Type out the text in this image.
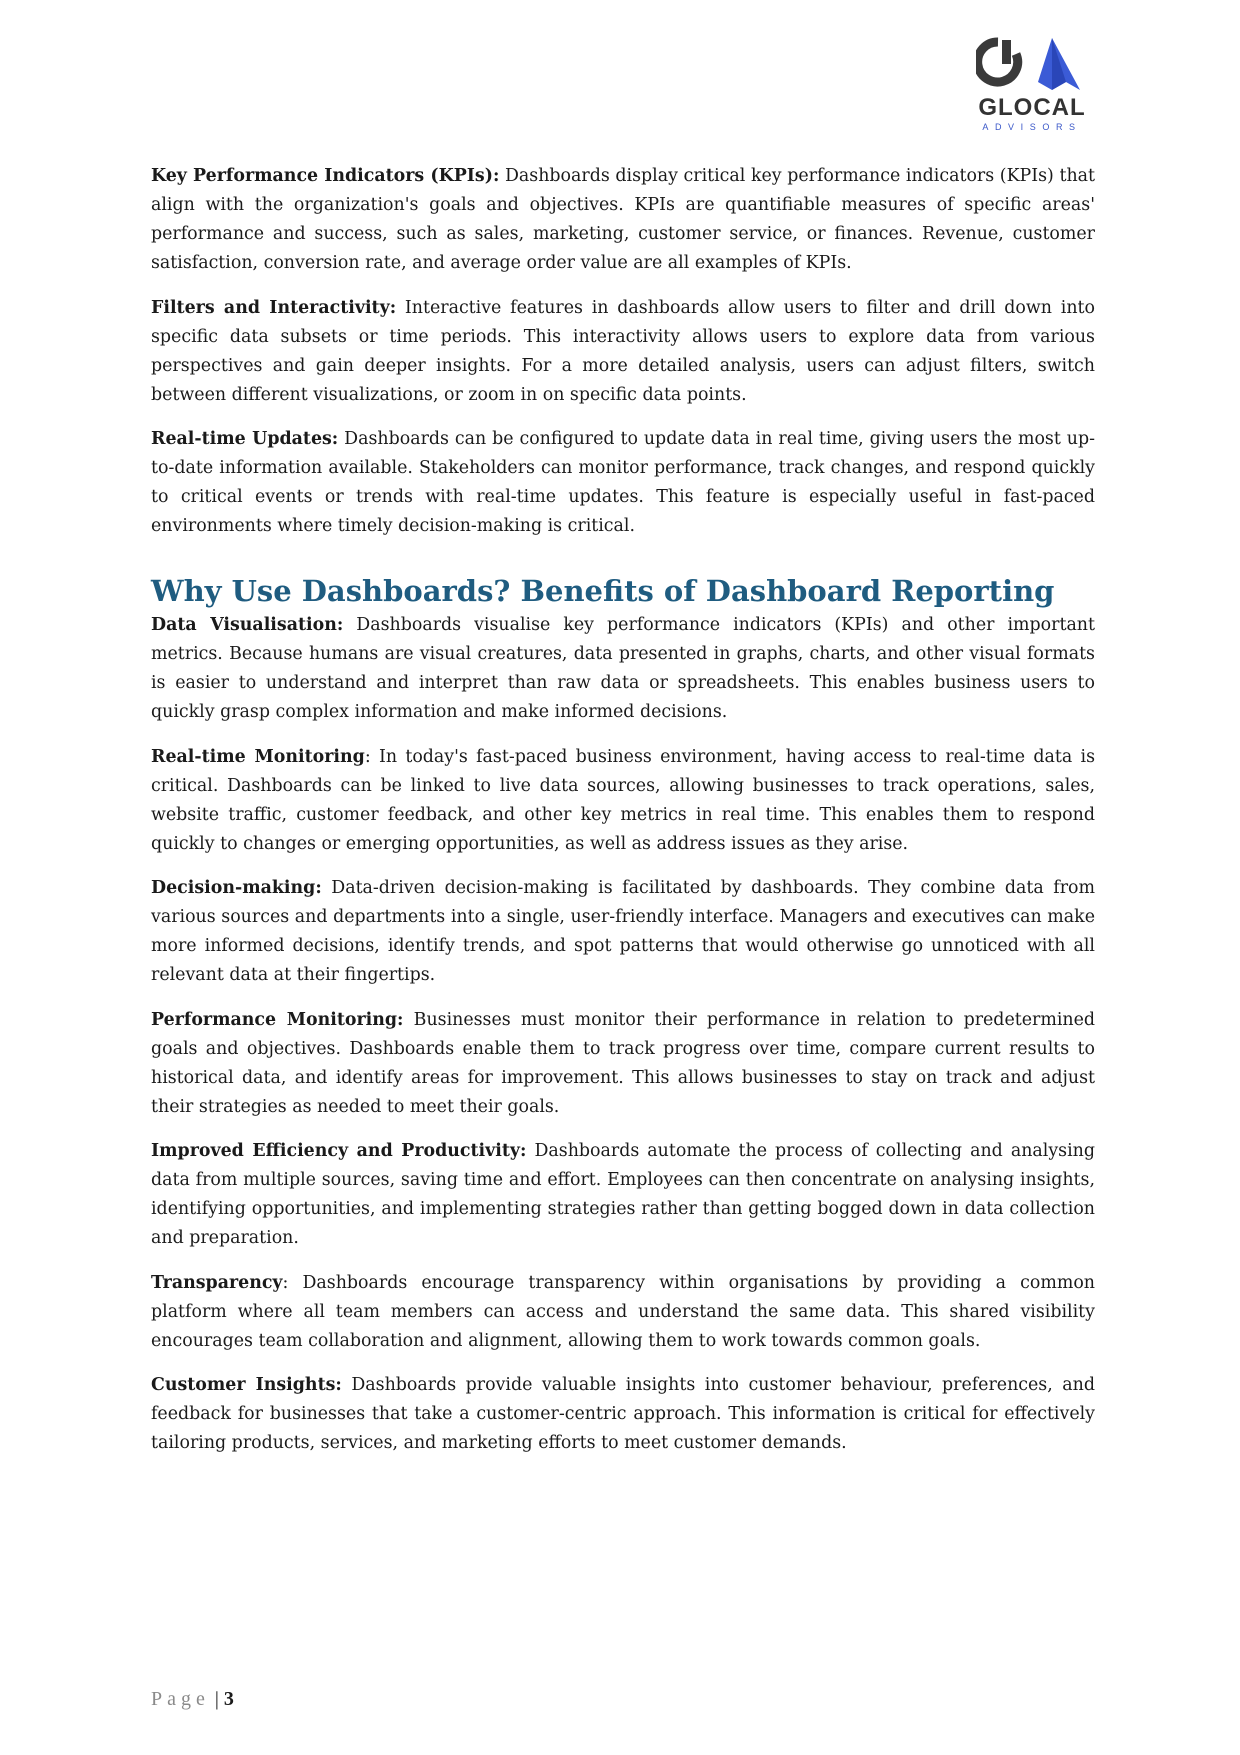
GLOCAL
ADVISORS

Key Performance Indicators (KPIs): Dashboards display critical key performance indicators (KPIs) that align with the organization's goals and objectives. KPIs are quantifiable measures of specific areas' performance and success, such as sales, marketing, customer service, or finances. Revenue, customer satisfaction, conversion rate, and average order value are all examples of KPIs.

Filters and Interactivity: Interactive features in dashboards allow users to filter and drill down into specific data subsets or time periods. This interactivity allows users to explore data from various perspectives and gain deeper insights. For a more detailed analysis, users can adjust filters, switch between different visualizations, or zoom in on specific data points.

Real-time Updates: Dashboards can be configured to update data in real time, giving users the most up-to-date information available. Stakeholders can monitor performance, track changes, and respond quickly to critical events or trends with real-time updates. This feature is especially useful in fast-paced environments where timely decision-making is critical.

Why Use Dashboards? Benefits of Dashboard Reporting

Data Visualisation: Dashboards visualise key performance indicators (KPIs) and other important metrics. Because humans are visual creatures, data presented in graphs, charts, and other visual formats is easier to understand and interpret than raw data or spreadsheets. This enables business users to quickly grasp complex information and make informed decisions.

Real-time Monitoring: In today's fast-paced business environment, having access to real-time data is critical. Dashboards can be linked to live data sources, allowing businesses to track operations, sales, website traffic, customer feedback, and other key metrics in real time. This enables them to respond quickly to changes or emerging opportunities, as well as address issues as they arise.

Decision-making: Data-driven decision-making is facilitated by dashboards. They combine data from various sources and departments into a single, user-friendly interface. Managers and executives can make more informed decisions, identify trends, and spot patterns that would otherwise go unnoticed with all relevant data at their fingertips.

Performance Monitoring: Businesses must monitor their performance in relation to predetermined goals and objectives. Dashboards enable them to track progress over time, compare current results to historical data, and identify areas for improvement. This allows businesses to stay on track and adjust their strategies as needed to meet their goals.

Improved Efficiency and Productivity: Dashboards automate the process of collecting and analysing data from multiple sources, saving time and effort. Employees can then concentrate on analysing insights, identifying opportunities, and implementing strategies rather than getting bogged down in data collection and preparation.

Transparency: Dashboards encourage transparency within organisations by providing a common platform where all team members can access and understand the same data. This shared visibility encourages team collaboration and alignment, allowing them to work towards common goals.

Customer Insights: Dashboards provide valuable insights into customer behaviour, preferences, and feedback for businesses that take a customer-centric approach. This information is critical for effectively tailoring products, services, and marketing efforts to meet customer demands.

Page | 3
